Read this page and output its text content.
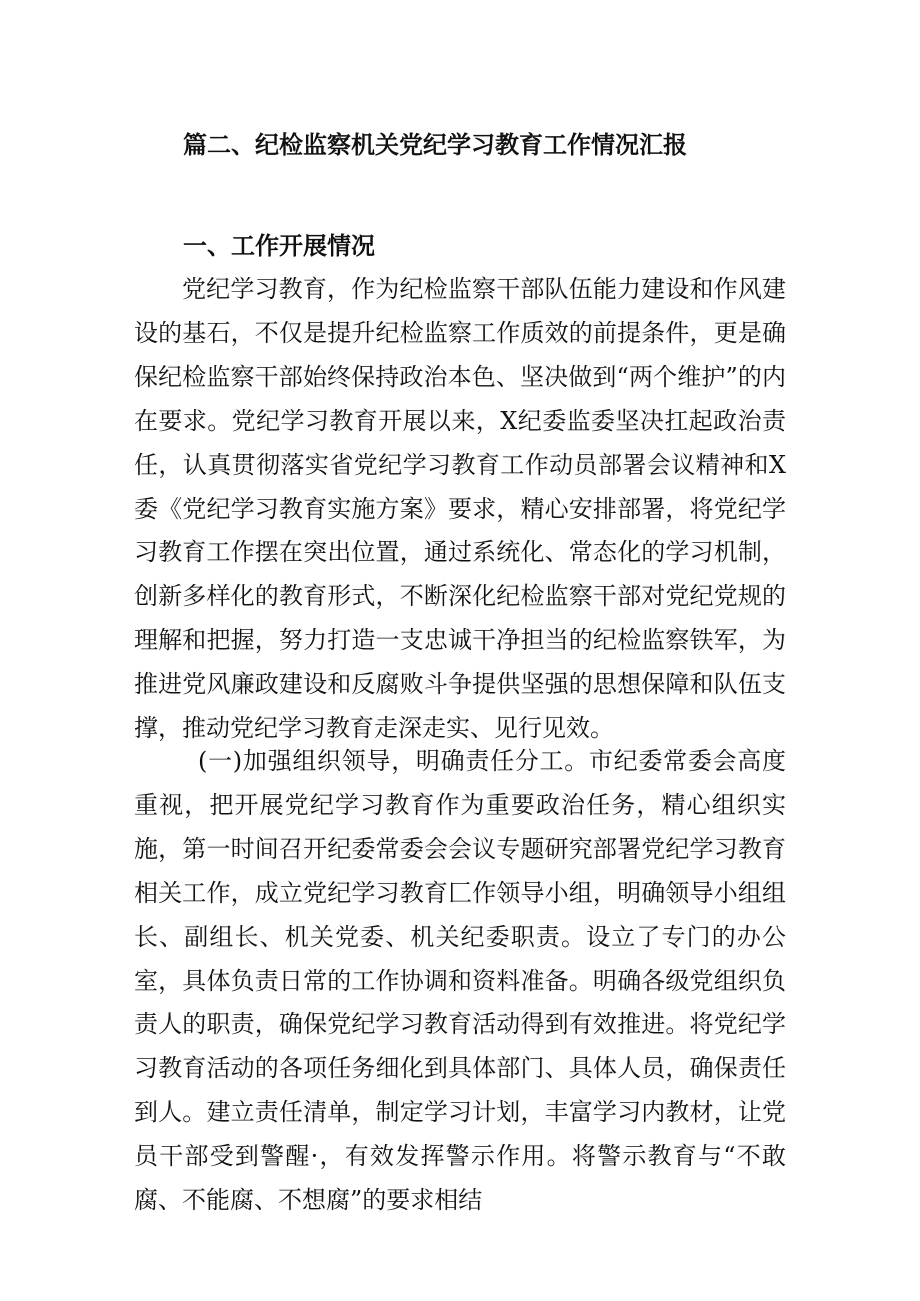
篇二、纪检监察机关党纪学习教育工作情况汇报
一、工作开展情况

党纪学习教育，作为纪检监察干部队伍能力建设和作风建设的基石，不仅是提升纪检监察工作质效的前提条件，更是确保纪检监察干部始终保持政治本色、坚决做到“两个维护”的内在要求。党纪学习教育开展以来，X纪委监委坚决扛起政治责任，认真贯彻落实省党纪学习教育工作动员部署会议精神和X委《党纪学习教育实施方案》要求，精心安排部署，将党纪学习教育工作摆在突出位置，通过系统化、常态化的学习机制，创新多样化的教育形式，不断深化纪检监察干部对党纪党规的理解和把握，努力打造一支忠诚干净担当的纪检监察铁军，为推进党风廉政建设和反腐败斗争提供坚强的思想保障和队伍支撑，推动党纪学习教育走深走实、见行见效。

(一)加强组织领导，明确责任分工。市纪委常委会高度重视，把开展党纪学习教育作为重要政治任务，精心组织实施，第一时间召开纪委常委会会议专题研究部署党纪学习教育相关工作，成立党纪学习教育匚作领导小组，明确领导小组组长、副组长、机关党委、机关纪委职责。设立了专门的办公室，具体负责日常的工作协调和资料准备。明确各级党组织负责人的职责，确保党纪学习教育活动得到有效推进。将党纪学习教育活动的各项任务细化到具体部门、具体人员，确保责任到人。建立责任清单，制定学习计划，丰富学习内教材，让党员干部受到警醒·，有效发挥警示作用。将警示教育与“不敢腐、不能腐、不想腐”的要求相结
